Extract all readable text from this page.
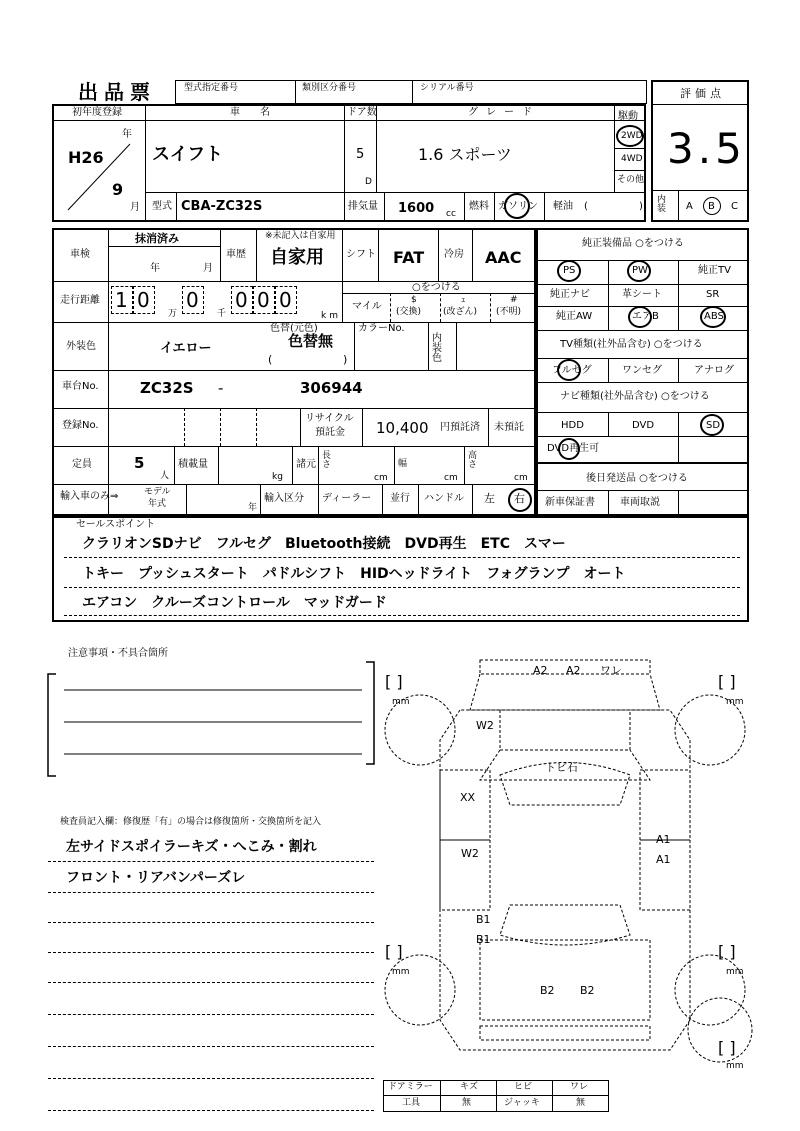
出品票	型式指定番号	類別区分番号	シリアル番号	評価点
3.5
内装	A B C
初年度登録
H26
年
9
月
車名
スイフト
ドア数
5
D
グレード
1.6 スポーツ
駆動
2WD
4WD
その他
型式 CBA-ZC32S	排気量 1600 cc
燃料 ガソリン 軽油 (	)
車検
抹消済み
年	月
車歴
※未記入は自家用
自家用 シフト FAT 冷房 AAC
走行距離 1 0 0 0 0 0
万	千	km
○をつける
マイル
$
(交換)
ｪ
(改ざん)
#
(不明)
外装色	イエロー
色替(元色)
色替無
(	)
カラーNo.
内装色
車台No.	ZC32S -	306944
登録No.
リサイクル
預託金 10,400 円預託済 未預託
定員	5
人
積載量
kg
諸元
長さ
cm
幅
cm
高さ
cm
輸入車のみ⇒	モデル
年式	年
輸入区分 ディーラー 並行 ハンドル 左 右
純正装備品 ○をつける
PS	PW	純正TV
純正ナビ	革シート	SR
純正AW	エアB	ABS
TV種類(社外品含む) ○をつける
フルセグ	ワンセグ	アナログ
ナビ種類(社外品含む) ○をつける
HDD	DVD	SD
DVD再生可
後日発送品 ○をつける
新車保証書	車両取説
セールスポイント
クラリオンSDナビ　フルセグ　Bluetooth接続　DVD再生　ETC　スマー
トキー　プッシュスタート　パドルシフト　HIDヘッドライト　フォグランプ　オート
エアコン　クルーズコントロール　マッドガード
注意事項・不具合箇所
検査員記入欄：修復歴「有」の場合は修復箇所・交換箇所を記入
左サイドスポイラーキズ・へこみ・割れ
フロント・リアバンパーズレ
A2 A2 ワレ
W2
トビ石
XX
W2
A1
A1
B1
B1
B2 B2
[ ]
mm
[ ]
mm
[ ]
mm
[ ]
mm
[ ]
mm
ドアミラー	キズ	ヒビ	ワレ
工具	無	ジャッキ	無
